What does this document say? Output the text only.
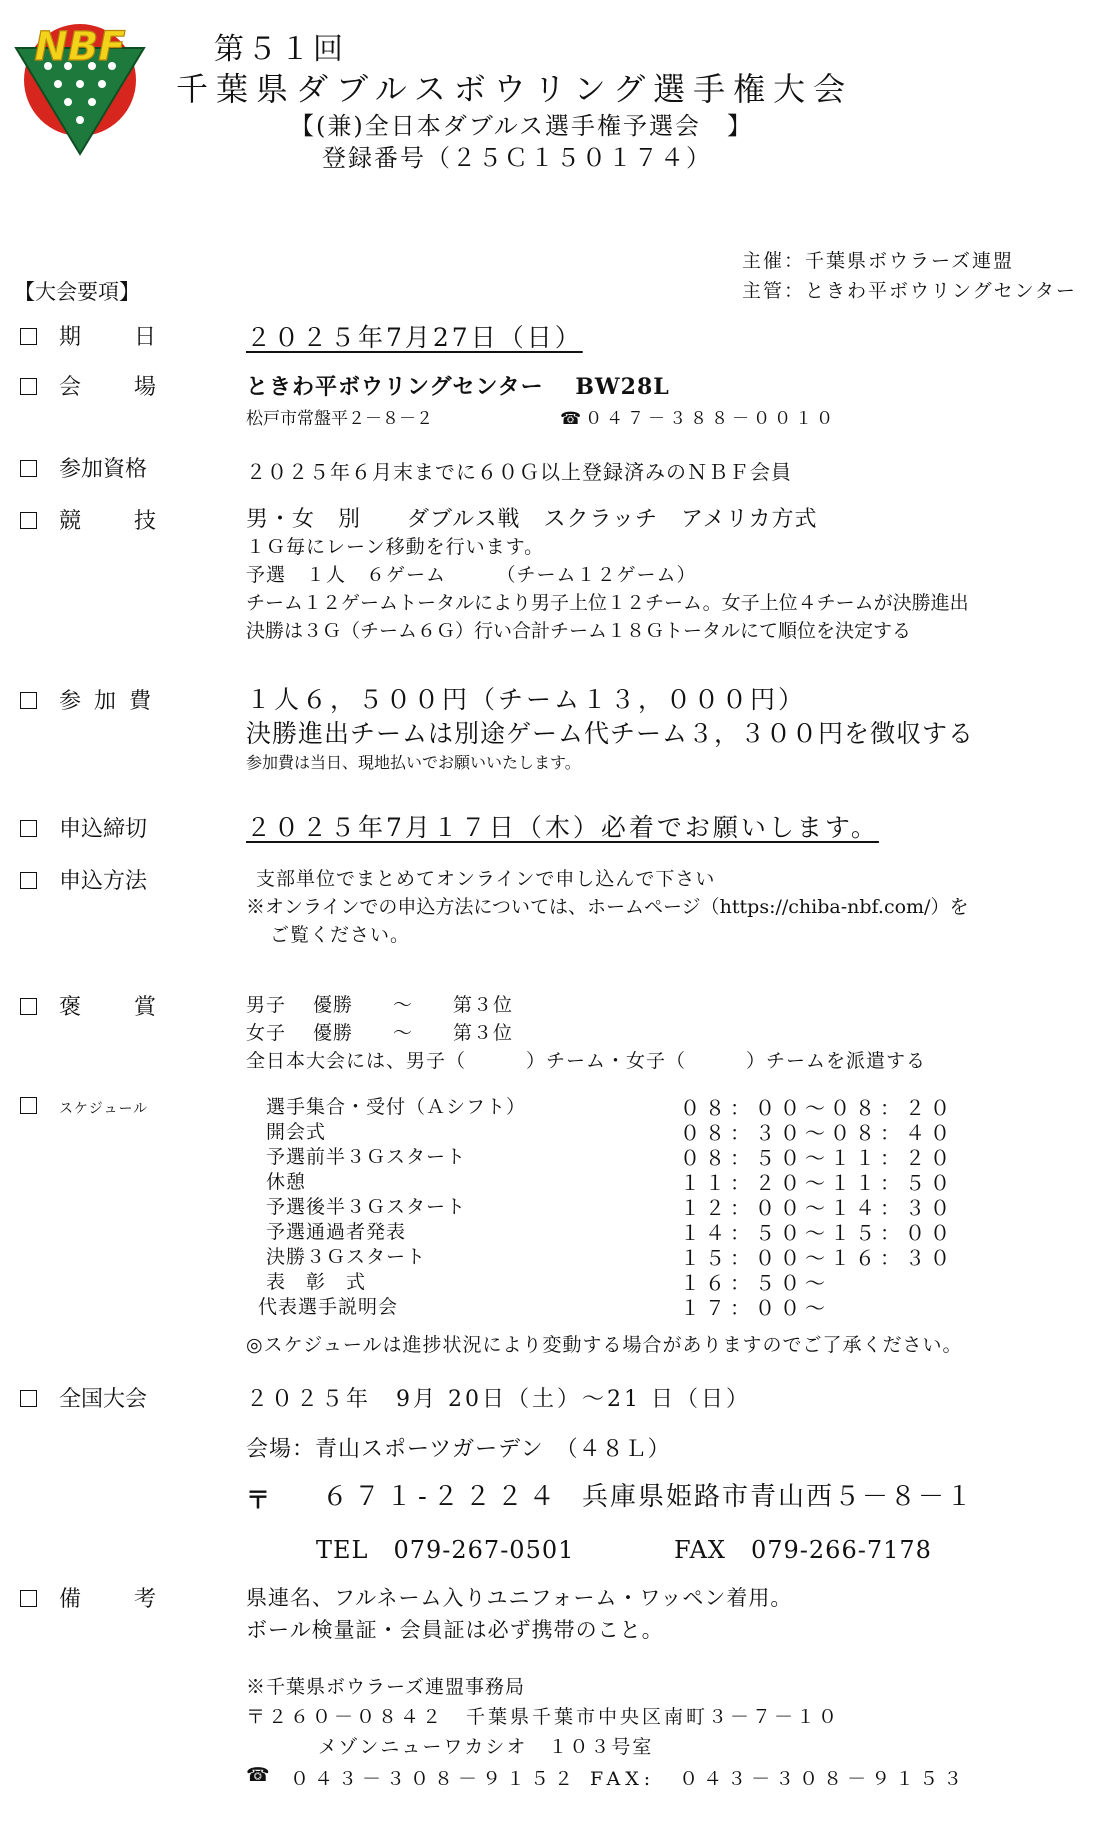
NBF	第５１回
千葉県ダブルスボウリング選手権大会
【(兼)全日本ダブルス選手権予選会　】
登録番号（２５Ｃ１５０１７４）
主催：千葉県ボウラーズ連盟
主管：ときわ平ボウリングセンター
【大会要項】
期　　日	２０２５年7月27日（日）
会　　場	ときわ平ボウリングセンター　 BW28L
松戸市常盤平２－８－２	☎０４７－３８８－００１０
参加資格	２０２５年６月末までに６０Ｇ以上登録済みのＮＢＦ会員
競　　技	男・女　別　　ダブルス戦　スクラッチ　アメリカ方式
１Ｇ毎にレーン移動を行います。
予選　１人　６ゲーム　　　（チーム１２ゲーム）
チーム１２ゲームトータルにより男子上位１２チーム。女子上位４チームが決勝進出
決勝は３Ｇ（チーム６Ｇ）行い合計チーム１８Ｇトータルにて順位を決定する
参 加 費	１人６，５００円（チーム１３，０００円）
決勝進出チームは別途ゲーム代チーム３，３００円を徴収する
参加費は当日、現地払いでお願いいたします。
申込締切	２０２５年7月１７日（木）必着でお願いします。
申込方法	支部単位でまとめてオンラインで申し込んで下さい
※オンラインでの申込方法については、ホームページ（https://chiba-nbf.com/）を
ご覧ください。
褒　　賞	男子　 優勝　　～　　第３位
女子　 優勝　　～　　第３位
全日本大会には、男子（　　　）チーム・女子（　　　）チームを派遣する
スケジュール	選手集合・受付（Ａシフト）	０８：００～０８：２０
開会式	０８：３０～０８：４０
予選前半３Ｇスタート	０８：５０～１１：２０
休憩	１１：２０～１１：５０
予選後半３Ｇスタート	１２：００～１４：３０
予選通過者発表	１４：５０～１５：００
決勝３Ｇスタート	１５：００～１６：３０
表　彰　式	１６：５０～
代表選手説明会	１７：００～
◎スケジュールは進捗状況により変動する場合がありますのでご了承ください。
全国大会	２０２５年　9月 20日（土）～21 日（日）
会場：青山スポーツガーデン　（４８Ｌ）
〒 ６７１-２２２４ 兵庫県姫路市青山西５－８－１
TEL　079-267-0501	FAX　079-266-7178
備　　考	県連名、フルネーム入りユニフォーム・ワッペン着用。
ボール検量証・会員証は必ず携帯のこと。
※千葉県ボウラーズ連盟事務局
〒２６０－０８４２　千葉県千葉市中央区南町３－７－１０
メゾンニューワカシオ　１０３号室
☎ ０４３－３０８－９１５２ FAX:　０４３－３０８－９１５３
